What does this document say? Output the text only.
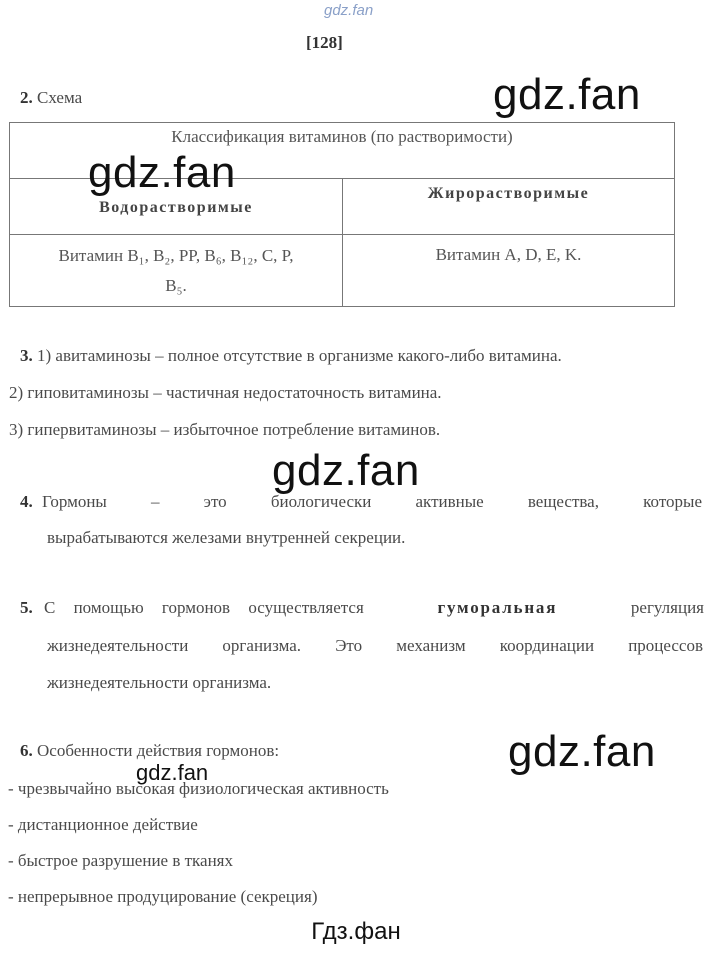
gdz.fan
[128]
2. Схема	gdz.fan
Классификация витаминов (по растворимости)	
Водорастворимые	Жирорастворимые

Витамин B₁, B₂, PP, B₆, B₁₂, C, P,
B₅.	Витамин A, D, E, K.
gdz.fan
3. 1) авитаминозы – полное отсутствие в организме какого-либо витамина.
2) гиповитаминозы – частичная недостаточность витамина.
3) гипервитаминозы – избыточное потребление витаминов.
gdz.fan
4. Гормоны – это биологически активные вещества, которые
вырабатываются железами внутренней секреции.
5. С помощью гормонов осуществляется	гуморальная	регуляция
жизнедеятельности организма. Это механизм координации процессов
жизнедеятельности организма.
6. Особенности действия гормонов:	gdz.fan
gdz.fan
- чрезвычайно высокая физиологическая активность
- дистанционное действие
- быстрое разрушение в тканях
- непрерывное продуцирование (секреция)
Гдз.фан
